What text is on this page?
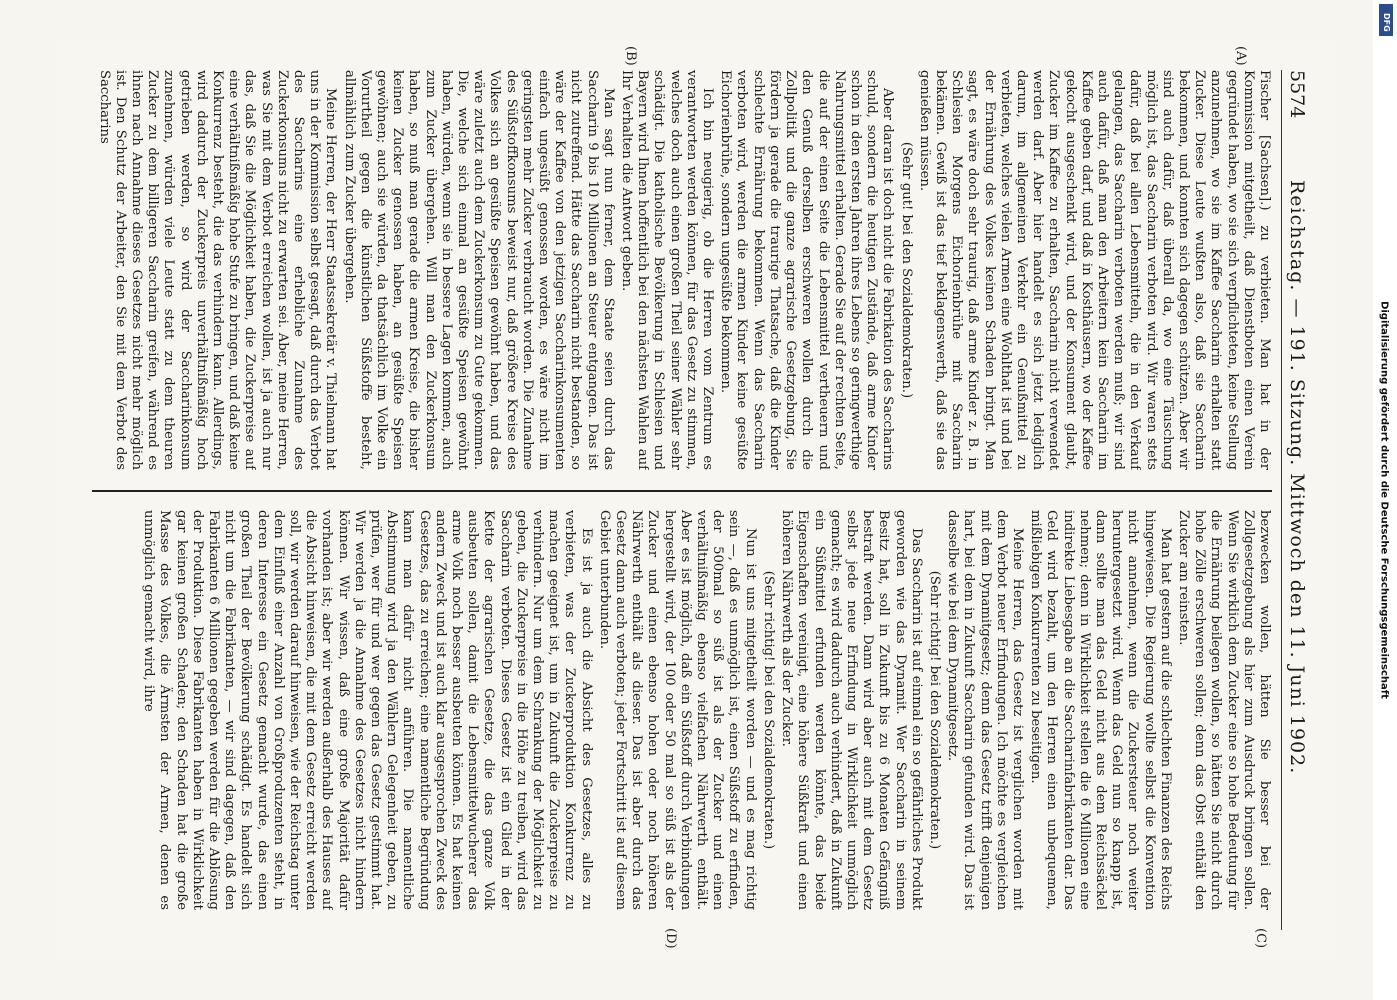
5574
Reichstag. — 191. Sitzung. Mittwoch den 11. Juni 1902.
(A)
(B)
(C)
(D)

Fischer [Sachsen].) zu verbieten. Man hat in der Kommission mitgetheilt, daß Dienstboten einen Verein gegründet haben, wo sie sich verpflichteten, keine Stellung anzunehmen, wo sie im Kaffee Saccharin erhalten statt Zucker. Diese Leute wußten also, daß sie Saccharin bekommen, und konnten sich dagegen schützen. Aber wir sind auch dafür, daß überall da, wo eine Täuschung möglich ist, das Saccharin verboten wird. Wir waren stets dafür, daß bei allen Lebensmitteln, die in den Verkauf gelangen, das Saccharin verboten werden muß; wir sind auch dafür, daß man den Arbeitern kein Saccharin im Kaffee geben darf, und daß in Kosthäusern, wo der Kaffee gekocht ausgeschenkt wird, und der Konsument glaubt, Zucker im Kaffee zu erhalten, Saccharin nicht verwendet werden darf. Aber hier handelt es sich jetzt lediglich darum, im allgemeinen Verkehr ein Genußmittel zu verbieten, welches vielen Armen eine Wohlthat ist und bei der Ernährung des Volkes keinen Schaden bringt. Man sagt, es wäre doch sehr traurig, daß arme Kinder z. B. in Schlesien Morgens Eichorienbrühe mit Saccharin bekämen. Gewiß ist das tief beklagenswerth, daß sie das genießen müssen.

(Sehr gut! bei den Sozialdemokraten.)

Aber daran ist doch nicht die Fabrikation des Saccharins schuld, sondern die heutigen Zustände, daß arme Kinder schon in den ersten Jahren ihres Lebens so geringwerthige Nahrungsmittel erhalten. Gerade Sie auf der rechten Seite, die auf der einen Seite die Lebensmittel vertheuern und den Genuß derselben erschweren wollen durch die Zollpolitik und die ganze agrarische Gesetzgebung, Sie fördern ja gerade die traurige Thatsache, daß die Kinder schlechte Ernährung bekommen. Wenn das Saccharin verboten wird, werden die armen Kinder keine gesüßte Eichorienbrühe, sondern ungesüßte bekommen.

Ich bin neugierig, ob die Herren vom Zentrum es verantworten werden können, für das Gesetz zu stimmen, welches doch auch einen großen Theil seiner Wähler sehr schädigt. Die katholische Bevölkerung in Schlesien und Bayern wird Ihnen hoffentlich bei den nächsten Wahlen auf Ihr Verhalten die Antwort geben.

Man sagt nun ferner, dem Staate seien durch das Saccharin 9 bis 10 Millionen an Steuer entgangen. Das ist nicht zutreffend. Hätte das Saccharin nicht bestanden, so wäre der Kaffee von den jetzigen Saccharinkonsumenten einfach ungesüßt genossen worden, es wäre nicht im geringsten mehr Zucker verbraucht worden. Die Zunahme des Süßstoffkonsums beweist nur, daß größere Kreise des Volkes sich an gesüßte Speisen gewöhnt haben, und das wäre zuletzt auch dem Zuckerkonsum zu Gute gekommen. Die, welche sich einmal an gesüßte Speisen gewöhnt haben, würden, wenn sie in bessere Lagen kommen, auch zum Zucker übergehen. Will man den Zuckerkonsum haben, so muß man gerade die armen Kreise, die bisher keinen Zucker genossen haben, an gesüßte Speisen gewöhnen; auch sie würden, da thatsächlich im Volke ein Vorurtheil gegen die künstlichen Süßstoffe besteht, allmählich zum Zucker übergehen.

Meine Herren, der Herr Staatssekretär v. Thielmann hat uns in der Kommission selbst gesagt, daß durch das Verbot des Saccharins eine erhebliche Zunahme des Zuckerkonsums nicht zu erwarten sei. Aber, meine Herren, was Sie mit dem Verbot erreichen wollen, ist ja auch nur das, daß Sie die Möglichkeit haben, die Zuckerpreise auf eine verhältnißmäßig hohe Stufe zu bringen, und daß keine Konkurrenz besteht, die das verhindern kann. Allerdings, wird dadurch der Zuckerpreis unverhältnißmäßig hoch getrieben werden, so wird der Saccharinkonsum zunehmen, würden viele Leute statt zu dem theuren Zucker zu dem billigeren Saccharin greifen, während es ihnen nach Annahme dieses Gesetzes nicht mehr möglich ist. Den Schutz der Arbeiter, den Sie mit dem Verbot des Saccharins

bezwecken wollen, hätten Sie besser bei der Zollgesetzgebung als hier zum Ausdruck bringen sollen. Wenn Sie wirklich dem Zucker eine so hohe Bedeutung für die Ernährung beilegen wollen, so hätten Sie nicht durch hohe Zölle erschweren sollen; denn das Obst enthält den Zucker am reinsten.

Man hat gestern auf die schlechten Finanzen des Reichs hingewiesen. Die Regierung wollte selbst die Konvention nicht annehmen, wenn die Zuckersteuer noch weiter heruntergesetzt wird. Wenn das Geld nun so knapp ist, dann sollte man das Geld nicht aus dem Reichssäckel nehmen; denn in Wirklichkeit stellen die 6 Millionen eine indirekte Liebesgabe an die Saccharinfabrikanten dar. Das Geld wird bezahlt, um den Herren einen unbequemen, mißliebigen Konkurrenten zu beseitigen.

Meine Herren, das Gesetz ist verglichen worden mit dem Verbot neuer Erfindungen. Ich möchte es vergleichen mit dem Dynamitgesetz; denn das Gesetz trifft denjenigen hart, bei dem in Zukunft Saccharin gefunden wird. Das ist dasselbe wie bei dem Dynamitgesetz.

(Sehr richtig! bei den Sozialdemokraten.)

Das Saccharin ist auf einmal ein so gefährliches Produkt geworden wie das Dynamit. Wer Saccharin in seinem Besitz hat, soll in Zukunft bis zu 6 Monaten Gefängniß bestraft werden. Dann wird aber auch mit dem Gesetz selbst jede neue Erfindung in Wirklichkeit unmöglich gemacht; es wird dadurch auch verhindert, daß in Zukunft ein Süßmittel erfunden werden könnte, das beide Eigenschaften vereinigt, eine höhere Süßkraft und einen höheren Nährwerth als der Zucker.

(Sehr richtig! bei den Sozialdemokraten.)

Nun ist uns mitgetheilt worden — und es mag richtig sein —, daß es unmöglich ist, einen Süßstoff zu erfinden, der 500mal so süß ist als der Zucker und einen verhältnißmäßig ebenso vielfachen Nährwerth enthält. Aber es ist möglich, daß ein Süßstoff durch Verbindungen hergestellt wird, der 100 oder 50 mal so süß ist als der Zucker und einen ebenso hohen oder noch höheren Nährwerth enthält als dieser. Das ist aber durch das Gesetz dann auch verboten; jeder Fortschritt ist auf diesem Gebiet unterbunden.

Es ist ja auch die Absicht des Gesetzes, alles zu verbieten, was der Zuckerproduktion Konkurrenz zu machen geeignet ist, um in Zukunft die Zuckerpreise zu verhindern. Nur um dem Schrankung der Möglichkeit zu geben, die Zuckerpreise in die Höhe zu treiben, wird das Saccharin verboten. Dieses Gesetz ist ein Glied in der Kette der agrarischen Gesetze, die das ganze Volk ausbeuten sollen, damit die Lebensmittelwucherer das arme Volk noch besser ausbeuten können. Es hat keinen andern Zweck und ist auch klar ausgesprochen Zweck des Gesetzes, das zu erreichen; eine namentliche Begründung kann man dafür nicht anführen. Die namentliche Abstimmung wird ja den Wählern Gelegenheit geben, zu prüfen, wer für und wer gegen das Gesetz gestimmt hat. Wir werden ja die Annahme des Gesetzes nicht hindern können. Wir wissen, daß eine große Majorität dafür vorhanden ist; aber wir werden außerhalb des Hauses auf die Absicht hinweisen, die mit dem Gesetz erreicht werden soll, wir werden darauf hinweisen, wie der Reichstag unter dem Einfluß einer Anzahl von Großproduzenten steht, in deren Interesse ein Gesetz gemacht wurde, das einen großen Theil der Bevölkerung schädigt. Es handelt sich nicht um die Fabrikanten, — wir sind dagegen, daß den Fabrikanten 6 Millionen gegeben werden für die Ablösung der Produktion. Diese Fabrikanten haben in Wirklichkeit gar keinen großen Schaden; den Schaden hat die große Masse des Volkes, die Ärmsten der Armen, denen es unmöglich gemacht wird, ihre

DFG
Digitalisierung gefördert durch die Deutsche Forschungsgemeinschaft
